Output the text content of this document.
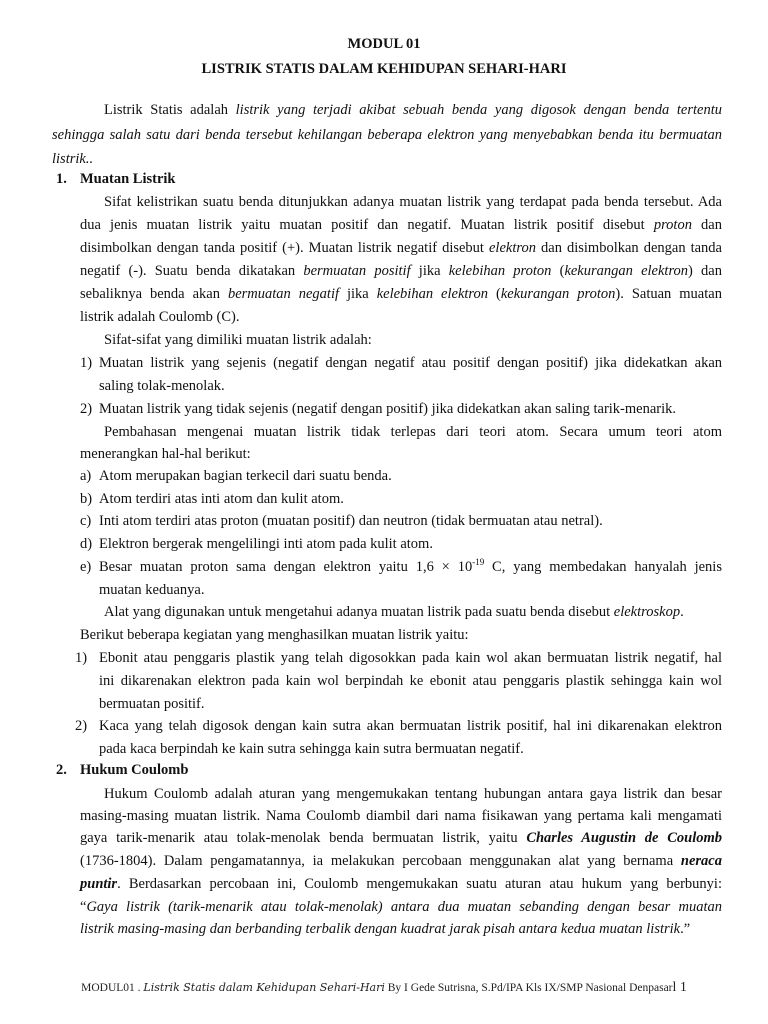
MODUL 01
LISTRIK STATIS DALAM KEHIDUPAN SEHARI-HARI
Listrik Statis adalah listrik yang terjadi akibat sebuah benda yang digosok dengan benda tertentu
sehingga salah satu dari benda tersebut kehilangan beberapa elektron yang menyebabkan benda itu bermuatan
listrik..
1. Muatan Listrik
Sifat kelistrikan suatu benda ditunjukkan adanya muatan listrik yang terdapat pada benda tersebut. Ada
dua jenis muatan listrik yaitu muatan positif dan negatif. Muatan listrik positif disebut proton dan
disimbolkan dengan tanda positif (+). Muatan listrik negatif disebut elektron dan disimbolkan dengan tanda
negatif (-). Suatu benda dikatakan bermuatan positif jika kelebihan proton (kekurangan elektron) dan
sebaliknya benda akan bermuatan negatif jika kelebihan elektron (kekurangan proton). Satuan muatan
listrik adalah Coulomb (C).
Sifat-sifat yang dimiliki muatan listrik adalah:
1) Muatan listrik yang sejenis (negatif dengan negatif atau positif dengan positif) jika didekatkan akan
saling tolak-menolak.
2) Muatan listrik yang tidak sejenis (negatif dengan positif) jika didekatkan akan saling tarik-menarik.
Pembahasan mengenai muatan listrik tidak terlepas dari teori atom. Secara umum teori atom
menerangkan hal-hal berikut:
a) Atom merupakan bagian terkecil dari suatu benda.
b) Atom terdiri atas inti atom dan kulit atom.
c) Inti atom terdiri atas proton (muatan positif) dan neutron (tidak bermuatan atau netral).
d) Elektron bergerak mengelilingi inti atom pada kulit atom.
e) Besar muatan proton sama dengan elektron yaitu $1,6 \times 10^{-19}$ C, yang membedakan hanyalah jenis
muatan keduanya.
Alat yang digunakan untuk mengetahui adanya muatan listrik pada suatu benda disebut elektroskop.
Berikut beberapa kegiatan yang menghasilkan muatan listrik yaitu:
1) Ebonit atau penggaris plastik yang telah digosokkan pada kain wol akan bermuatan listrik negatif, hal
ini dikarenakan elektron pada kain wol berpindah ke ebonit atau penggaris plastik sehingga kain wol
bermuatan positif.
2) Kaca yang telah digosok dengan kain sutra akan bermuatan listrik positif, hal ini dikarenakan elektron
pada kaca berpindah ke kain sutra sehingga kain sutra bermuatan negatif.
2. Hukum Coulomb
Hukum Coulomb adalah aturan yang mengemukakan tentang hubungan antara gaya listrik dan besar
masing-masing muatan listrik. Nama Coulomb diambil dari nama fisikawan yang pertama kali mengamati
gaya tarik-menarik atau tolak-menolak benda bermuatan listrik, yaitu Charles Augustin de Coulomb
(1736-1804). Dalam pengamatannya, ia melakukan percobaan menggunakan alat yang bernama neraca
puntir. Berdasarkan percobaan ini, Coulomb mengemukakan suatu aturan atau hukum yang berbunyi:
“Gaya listrik (tarik-menarik atau tolak-menolak) antara dua muatan sebanding dengan besar muatan
listrik masing-masing dan berbanding terbalik dengan kuadrat jarak pisah antara kedua muatan listrik.”
MODUL01 . Listrik Statis dalam Kehidupan Sehari-Hari By I Gede Sutrisna, S.Pd/IPA Kls IX/SMP Nasional Denpasarl 1
